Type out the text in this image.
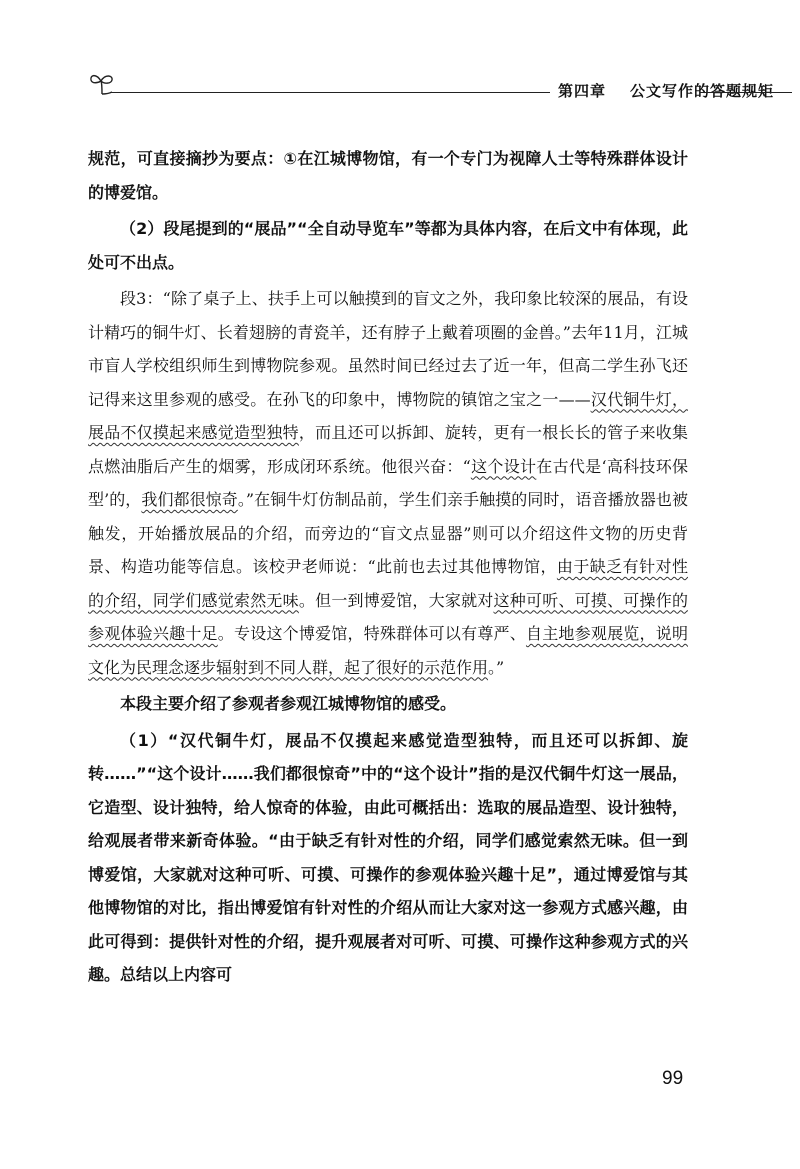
第四章 公文写作的答题规矩

规范，可直接摘抄为要点：①在江城博物馆，有一个专门为视障人士等特殊群体设计的博爱馆。

（2）段尾提到的“展品”“全自动导览车”等都为具体内容，在后文中有体现，此处可不出点。

段3：“除了桌子上、扶手上可以触摸到的盲文之外，我印象比较深的展品，有设计精巧的铜牛灯、长着翅膀的青瓷羊，还有脖子上戴着项圈的金兽。”去年11月，江城市盲人学校组织师生到博物院参观。虽然时间已经过去了近一年，但高二学生孙飞还记得来这里参观的感受。在孙飞的印象中，博物院的镇馆之宝之一——汉代铜牛灯，展品不仅摸起来感觉造型独特，而且还可以拆卸、旋转，更有一根长长的管子来收集点燃油脂后产生的烟雾，形成闭环系统。他很兴奋：“这个设计在古代是‘高科技环保型’的，我们都很惊奇。”在铜牛灯仿制品前，学生们亲手触摸的同时，语音播放器也被触发，开始播放展品的介绍，而旁边的“盲文点显器”则可以介绍这件文物的历史背景、构造功能等信息。该校尹老师说：“此前也去过其他博物馆，由于缺乏有针对性的介绍，同学们感觉索然无味。但一到博爱馆，大家就对这种可听、可摸、可操作的参观体验兴趣十足。专设这个博爱馆，特殊群体可以有尊严、自主地参观展览，说明文化为民理念逐步辐射到不同人群，起了很好的示范作用。”

本段主要介绍了参观者参观江城博物馆的感受。

（1）“汉代铜牛灯，展品不仅摸起来感觉造型独特，而且还可以拆卸、旋转……”“这个设计……我们都很惊奇”中的“这个设计”指的是汉代铜牛灯这一展品，它造型、设计独特，给人惊奇的体验，由此可概括出：选取的展品造型、设计独特，给观展者带来新奇体验。“由于缺乏有针对性的介绍，同学们感觉索然无味。但一到博爱馆，大家就对这种可听、可摸、可操作的参观体验兴趣十足”，通过博爱馆与其他博物馆的对比，指出博爱馆有针对性的介绍从而让大家对这一参观方式感兴趣，由此可得到：提供针对性的介绍，提升观展者对可听、可摸、可操作这种参观方式的兴趣。总结以上内容可

99
